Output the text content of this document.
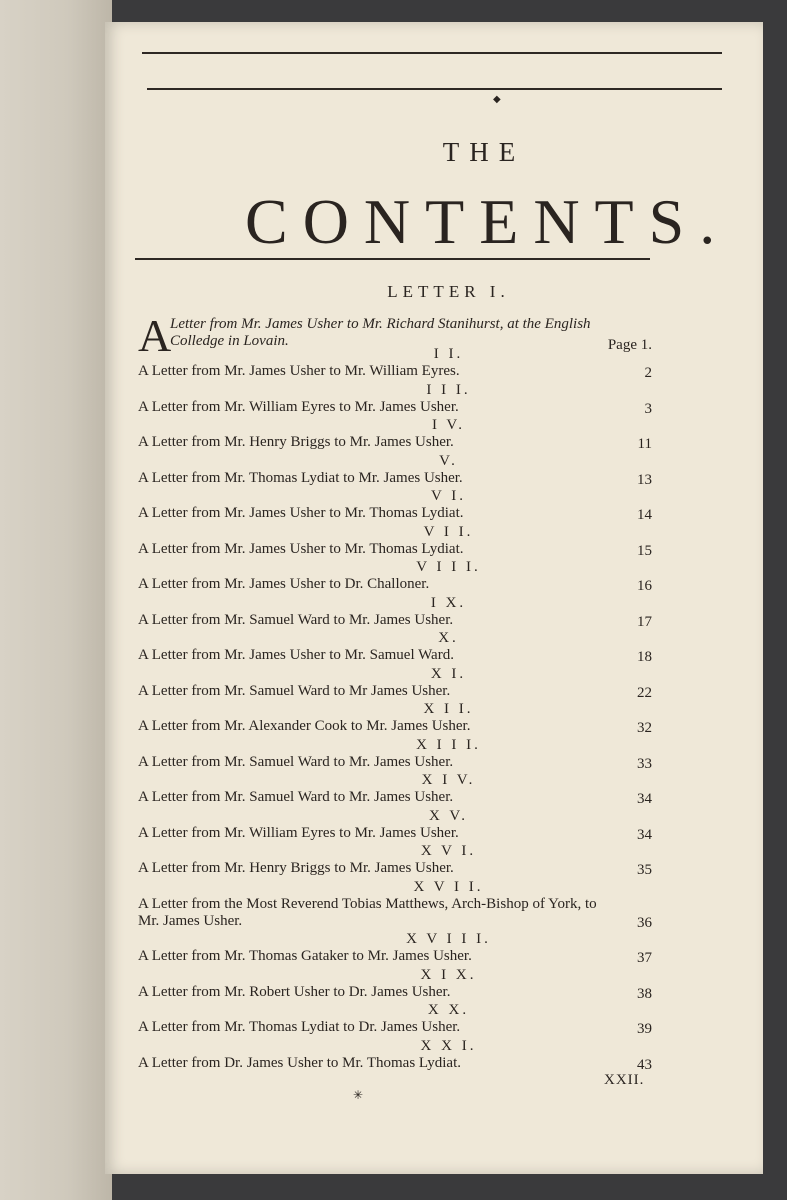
◆
THE
CONTENTS.
LETTER I.
A
Letter from Mr. James Usher to Mr. Richard Stanihurst, at the English
Colledge in Lovain.	Page 1.
I I.
A Letter from Mr. James Usher to Mr. William Eyres.	2
I I I.
A Letter from Mr. William Eyres to Mr. James Usher.	3
I V.
A Letter from Mr. Henry Briggs to Mr. James Usher.	11
V.
A Letter from Mr. Thomas Lydiat to Mr. James Usher.	13
V I.
A Letter from Mr. James Usher to Mr. Thomas Lydiat.	14
V I I.
A Letter from Mr. James Usher to Mr. Thomas Lydiat.	15
V I I I.
A Letter from Mr. James Usher to Dr. Challoner.	16
I X.
A Letter from Mr. Samuel Ward to Mr. James Usher.	17
X.
A Letter from Mr. James Usher to Mr. Samuel Ward.	18
X I.
A Letter from Mr. Samuel Ward to Mr James Usher.	22
X I I.
A Letter from Mr. Alexander Cook to Mr. James Usher.	32
X I I I.
A Letter from Mr. Samuel Ward to Mr. James Usher.	33
X I V.
A Letter from Mr. Samuel Ward to Mr. James Usher.	34
X V.
A Letter from Mr. William Eyres to Mr. James Usher.	34
X V I.
A Letter from Mr. Henry Briggs to Mr. James Usher.	35
X V I I.
A Letter from the Most Reverend Tobias Matthews, Arch-Bishop of York, to
Mr. James Usher.	36
X V I I I.
A Letter from Mr. Thomas Gataker to Mr. James Usher.	37
X I X.
A Letter from Mr. Robert Usher to Dr. James Usher.	38
X X.
A Letter from Mr. Thomas Lydiat to Dr. James Usher.	39
X X I.
A Letter from Dr. James Usher to Mr. Thomas Lydiat.	43
XXII.
✳
